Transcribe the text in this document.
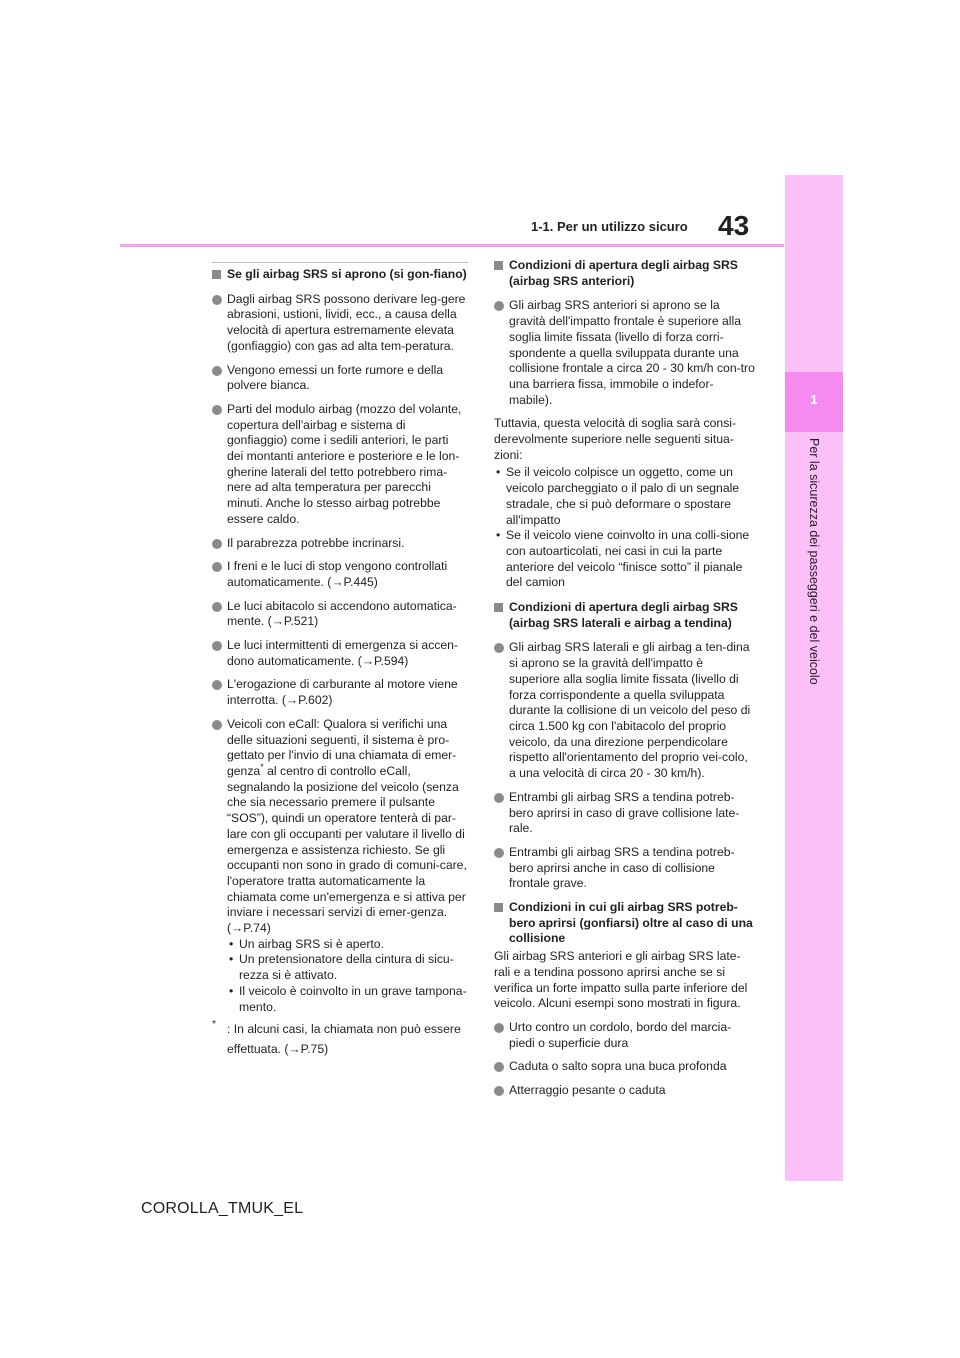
1-1. Per un utilizzo sicuro 43
1
Per la sicurezza dei passeggeri e del veicolo
Se gli airbag SRS si aprono (si gon-fiano)
Dagli airbag SRS possono derivare leg-gere abrasioni, ustioni, lividi, ecc., a causa della velocità di apertura estremamente elevata (gonfiaggio) con gas ad alta tem-peratura.
Vengono emessi un forte rumore e della polvere bianca.
Parti del modulo airbag (mozzo del volante, copertura dell'airbag e sistema di gonfiaggio) come i sedili anteriori, le parti dei montanti anteriore e posteriore e le lon-gherine laterali del tetto potrebbero rima-nere ad alta temperatura per parecchi minuti. Anche lo stesso airbag potrebbe essere caldo.
Il parabrezza potrebbe incrinarsi.
I freni e le luci di stop vengono controllati automaticamente. (→P.445)
Le luci abitacolo si accendono automatica-mente. (→P.521)
Le luci intermittenti di emergenza si accen-dono automaticamente. (→P.594)
L'erogazione di carburante al motore viene interrotta. (→P.602)
Veicoli con eCall: Qualora si verifichi una delle situazioni seguenti, il sistema è pro-gettato per l'invio di una chiamata di emer-genza* al centro di controllo eCall, segnalando la posizione del veicolo (senza che sia necessario premere il pulsante “SOS”), quindi un operatore tenterà di par-lare con gli occupanti per valutare il livello di emergenza e assistenza richiesto. Se gli occupanti non sono in grado di comuni-care, l'operatore tratta automaticamente la chiamata come un'emergenza e si attiva per inviare i necessari servizi di emer-genza. (→P.74)
• Un airbag SRS si è aperto.
• Un pretensionatore della cintura di sicu-rezza si è attivato.
• Il veicolo è coinvolto in un grave tampona-mento.
* : In alcuni casi, la chiamata non può essere effettuata. (→P.75)
Condizioni di apertura degli airbag SRS (airbag SRS anteriori)
Gli airbag SRS anteriori si aprono se la gravità dell'impatto frontale è superiore alla soglia limite fissata (livello di forza corri-spondente a quella sviluppata durante una collisione frontale a circa 20 - 30 km/h con-tro una barriera fissa, immobile o indefor-mabile).
Tuttavia, questa velocità di soglia sarà consi-derevolmente superiore nelle seguenti situa-zioni:
• Se il veicolo colpisce un oggetto, come un veicolo parcheggiato o il palo di un segnale stradale, che si può deformare o spostare all'impatto
• Se il veicolo viene coinvolto in una colli-sione con autoarticolati, nei casi in cui la parte anteriore del veicolo “finisce sotto” il pianale del camion
Condizioni di apertura degli airbag SRS (airbag SRS laterali e airbag a tendina)
Gli airbag SRS laterali e gli airbag a ten-dina si aprono se la gravità dell'impatto è superiore alla soglia limite fissata (livello di forza corrispondente a quella sviluppata durante la collisione di un veicolo del peso di circa 1.500 kg con l'abitacolo del proprio veicolo, da una direzione perpendicolare rispetto all'orientamento del proprio vei-colo, a una velocità di circa 20 - 30 km/h).
Entrambi gli airbag SRS a tendina potreb-bero aprirsi in caso di grave collisione late-rale.
Entrambi gli airbag SRS a tendina potreb-bero aprirsi anche in caso di collisione frontale grave.
Condizioni in cui gli airbag SRS potreb-bero aprirsi (gonfiarsi) oltre al caso di una collisione
Gli airbag SRS anteriori e gli airbag SRS late-rali e a tendina possono aprirsi anche se si verifica un forte impatto sulla parte inferiore del veicolo. Alcuni esempi sono mostrati in figura.
Urto contro un cordolo, bordo del marcia-piedi o superficie dura
Caduta o salto sopra una buca profonda
Atterraggio pesante o caduta
COROLLA_TMUK_EL
